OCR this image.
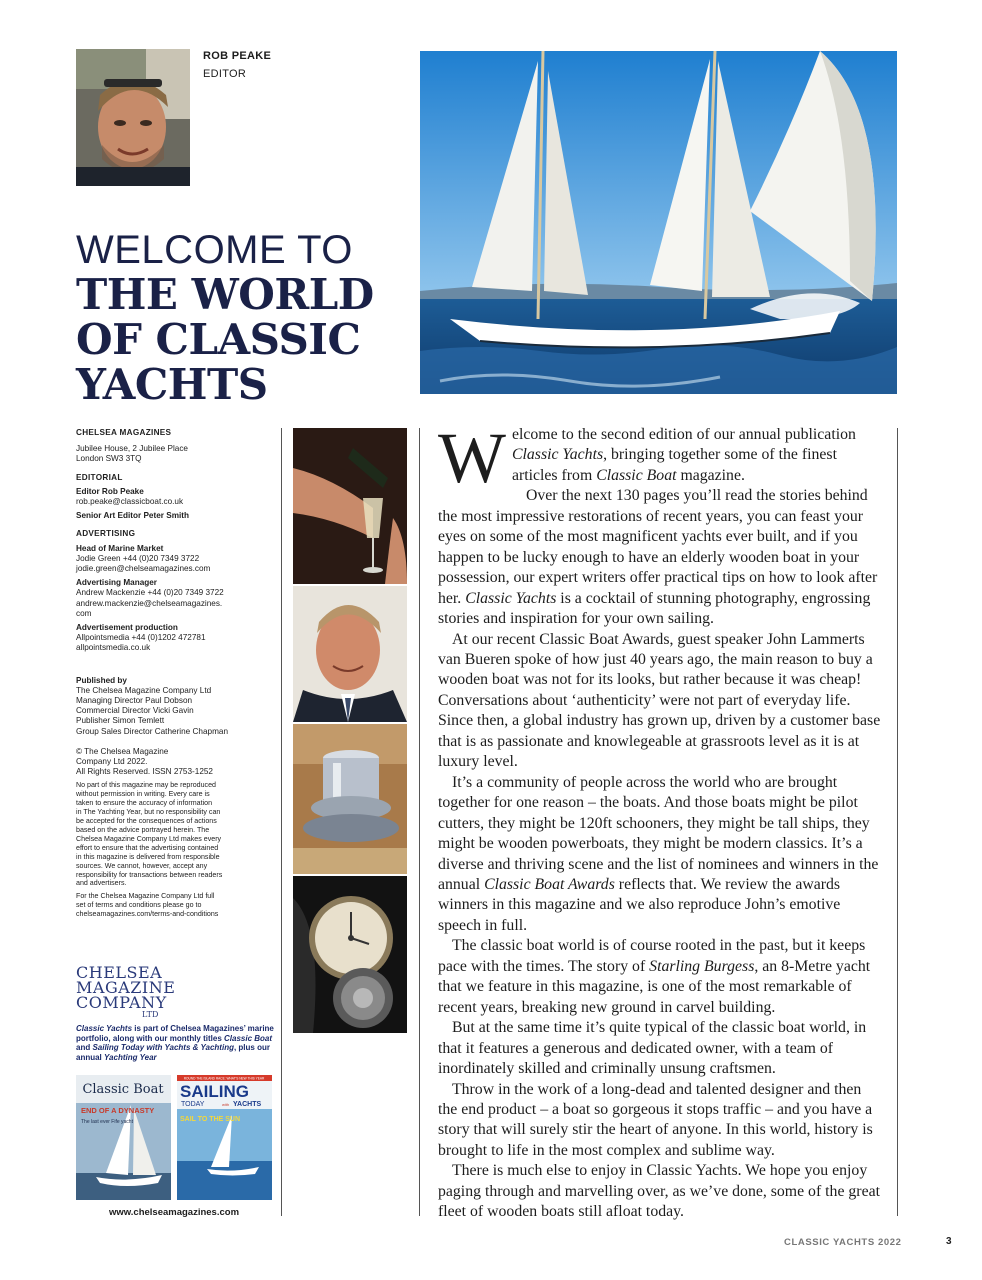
ROB PEAKE
EDITOR
WELCOME TO
THE WORLD
OF CLASSIC
YACHTS
CHELSEA MAGAZINES
Jubilee House, 2 Jubilee Place
London SW3 3TQ
EDITORIAL
Editor Rob Peake
rob.peake@classicboat.co.uk
Senior Art Editor Peter Smith
ADVERTISING
Head of Marine Market
Jodie Green +44 (0)20 7349 3722
jodie.green@chelseamagazines.com
Advertising Manager
Andrew Mackenzie +44 (0)20 7349 3722
andrew.mackenzie@chelseamagazines.
com
Advertisement production
Allpointsmedia +44 (0)1202 472781
allpointsmedia.co.uk
Published by
The Chelsea Magazine Company Ltd
Managing Director Paul Dobson
Commercial Director Vicki Gavin
Publisher Simon Temlett
Group Sales Director Catherine Chapman
© The Chelsea Magazine
Company Ltd 2022.
All Rights Reserved. ISSN 2753-1252
No part of this magazine may be reproduced
without permission in writing. Every care is
taken to ensure the accuracy of information
in The Yachting Year, but no responsibility can
be accepted for the consequences of actions
based on the advice portrayed herein. The
Chelsea Magazine Company Ltd makes every
effort to ensure that the advertising contained
in this magazine is delivered from responsible
sources. We cannot, however, accept any
responsibility for transactions between readers
and advertisers.
For the Chelsea Magazine Company Ltd full
set of terms and conditions please go to
chelseamagazines.com/terms-and-conditions
CHELSEA
MAGAZINE
COMPANY
LTD
Classic Yachts is part of Chelsea Magazines’ marine portfolio, along with our monthly titles Classic Boat and Sailing Today with Yachts & Yachting, plus our annual Yachting Year
Classic Boat
END OF A DYNASTY
The last ever Fife yacht
ROUND THE ISLAND RACE: WHAT'S NEW THIS YEAR
SAILING
TODAY	with YACHTS
SAIL TO THE SUN
www.chelseamagazines.com

Welcome to the second edition of our annual publication Classic Yachts, bringing together some of the finest articles from Classic Boat magazine.

Over the next 130 pages you’ll read the stories behind the most impressive restorations of recent years, you can feast your eyes on some of the most magnificent yachts ever built, and if you happen to be lucky enough to have an elderly wooden boat in your possession, our expert writers offer practical tips on how to look after her. Classic Yachts is a cocktail of stunning photography, engrossing stories and inspiration for your own sailing.

At our recent Classic Boat Awards, guest speaker John Lammerts van Bueren spoke of how just 40 years ago, the main reason to buy a wooden boat was not for its looks, but rather because it was cheap! Conversations about ‘authenticity’ were not part of everyday life. Since then, a global industry has grown up, driven by a customer base that is as passionate and knowlegeable at grassroots level as it is at luxury level.

It’s a community of people across the world who are brought together for one reason – the boats. And those boats might be pilot cutters, they might be 120ft schooners, they might be tall ships, they might be wooden powerboats, they might be modern classics. It’s a diverse and thriving scene and the list of nominees and winners in the annual Classic Boat Awards reflects that. We review the awards winners in this magazine and we also reproduce John’s emotive speech in full.

The classic boat world is of course rooted in the past, but it keeps pace with the times. The story of Starling Burgess, an 8-Metre yacht that we feature in this magazine, is one of the most remarkable of recent years, breaking new ground in carvel building.

But at the same time it’s quite typical of the classic boat world, in that it features a generous and dedicated owner, with a team of inordinately skilled and criminally unsung craftsmen.

Throw in the work of a long-dead and talented designer and then the end product – a boat so gorgeous it stops traffic – and you have a story that will surely stir the heart of anyone. In this world, history is brought to life in the most complex and sublime way.

There is much else to enjoy in Classic Yachts. We hope you enjoy paging through and marvelling over, as we’ve done, some of the great fleet of wooden boats still afloat today.

CLASSIC YACHTS 2022	3
